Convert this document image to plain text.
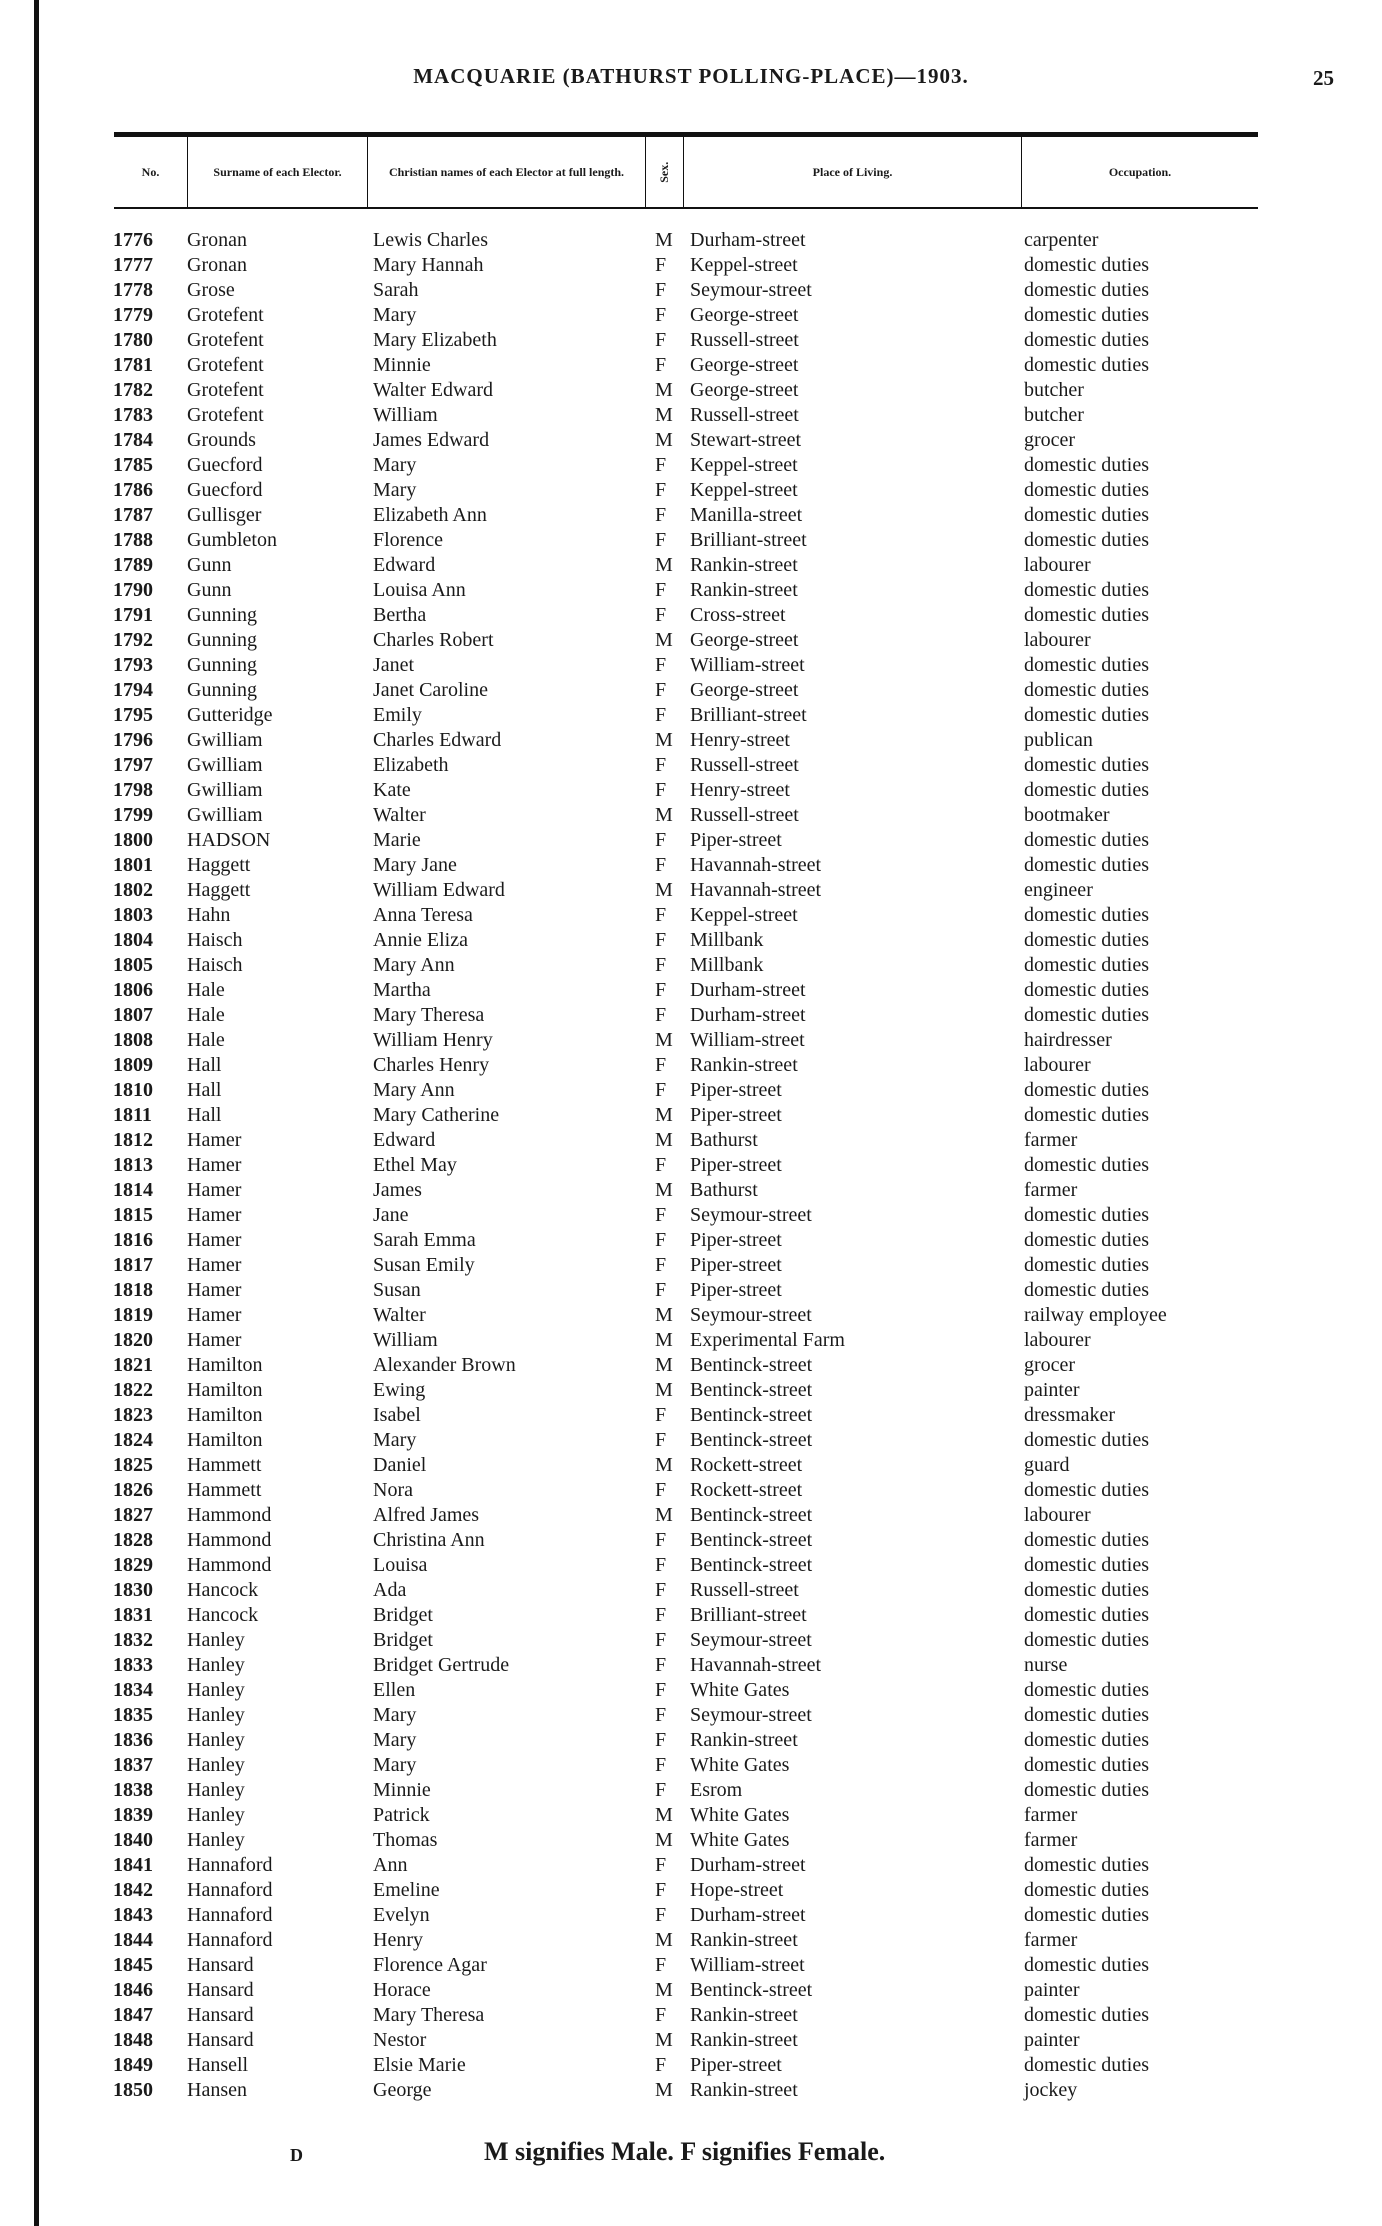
MACQUARIE (BATHURST POLLING-PLACE)—1903.	25
No.	Surname of each Elector.	Christian names of each Elector at full length.	Sex.	Place of Living.	Occupation.
1776	Gronan	Lewis Charles	M Durham-street	carpenter
1777	Gronan	Mary Hannah	F Keppel-street	domestic duties
1778	Grose	Sarah	F Seymour-street	domestic duties
1779	Grotefent	Mary	F George-street	domestic duties
1780	Grotefent	Mary Elizabeth	F Russell-street	domestic duties
1781	Grotefent	Minnie	F George-street	domestic duties
1782	Grotefent	Walter Edward	M George-street	butcher
1783	Grotefent	William	M Russell-street	butcher
1784	Grounds	James Edward	M Stewart-street	grocer
1785	Guecford	Mary	F Keppel-street	domestic duties
1786	Guecford	Mary	F Keppel-street	domestic duties
1787	Gullisger	Elizabeth Ann	F Manilla-street	domestic duties
1788	Gumbleton	Florence	F Brilliant-street	domestic duties
1789	Gunn	Edward	M Rankin-street	labourer
1790	Gunn	Louisa Ann	F Rankin-street	domestic duties
1791	Gunning	Bertha	F Cross-street	domestic duties
1792	Gunning	Charles Robert	M George-street	labourer
1793	Gunning	Janet	F William-street	domestic duties
1794	Gunning	Janet Caroline	F George-street	domestic duties
1795	Gutteridge	Emily	F Brilliant-street	domestic duties
1796	Gwilliam	Charles Edward	M Henry-street	publican
1797	Gwilliam	Elizabeth	F Russell-street	domestic duties
1798	Gwilliam	Kate	F Henry-street	domestic duties
1799	Gwilliam	Walter	M Russell-street	bootmaker
1800	HADSON	Marie	F Piper-street	domestic duties
1801	Haggett	Mary Jane	F Havannah-street	domestic duties
1802	Haggett	William Edward	M Havannah-street	engineer
1803	Hahn	Anna Teresa	F Keppel-street	domestic duties
1804	Haisch	Annie Eliza	F Millbank	domestic duties
1805	Haisch	Mary Ann	F Millbank	domestic duties
1806	Hale	Martha	F Durham-street	domestic duties
1807	Hale	Mary Theresa	F Durham-street	domestic duties
1808	Hale	William Henry	M William-street	hairdresser
1809	Hall	Charles Henry	F Rankin-street	labourer
1810	Hall	Mary Ann	F Piper-street	domestic duties
1811	Hall	Mary Catherine	M Piper-street	domestic duties
1812	Hamer	Edward	M Bathurst	farmer
1813	Hamer	Ethel May	F Piper-street	domestic duties
1814	Hamer	James	M Bathurst	farmer
1815	Hamer	Jane	F Seymour-street	domestic duties
1816	Hamer	Sarah Emma	F Piper-street	domestic duties
1817	Hamer	Susan Emily	F Piper-street	domestic duties
1818	Hamer	Susan	F Piper-street	domestic duties
1819	Hamer	Walter	M Seymour-street	railway employee
1820	Hamer	William	M Experimental Farm	labourer
1821	Hamilton	Alexander Brown	M Bentinck-street	grocer
1822	Hamilton	Ewing	M Bentinck-street	painter
1823	Hamilton	Isabel	F Bentinck-street	dressmaker
1824	Hamilton	Mary	F Bentinck-street	domestic duties
1825	Hammett	Daniel	M Rockett-street	guard
1826	Hammett	Nora	F Rockett-street	domestic duties
1827	Hammond	Alfred James	M Bentinck-street	labourer
1828	Hammond	Christina Ann	F Bentinck-street	domestic duties
1829	Hammond	Louisa	F Bentinck-street	domestic duties
1830	Hancock	Ada	F Russell-street	domestic duties
1831	Hancock	Bridget	F Brilliant-street	domestic duties
1832	Hanley	Bridget	F Seymour-street	domestic duties
1833	Hanley	Bridget Gertrude	F Havannah-street	nurse
1834	Hanley	Ellen	F White Gates	domestic duties
1835	Hanley	Mary	F Seymour-street	domestic duties
1836	Hanley	Mary	F Rankin-street	domestic duties
1837	Hanley	Mary	F White Gates	domestic duties
1838	Hanley	Minnie	F Esrom	domestic duties
1839	Hanley	Patrick	M White Gates	farmer
1840	Hanley	Thomas	M White Gates	farmer
1841	Hannaford	Ann	F Durham-street	domestic duties
1842	Hannaford	Emeline	F Hope-street	domestic duties
1843	Hannaford	Evelyn	F Durham-street	domestic duties
1844	Hannaford	Henry	M Rankin-street	farmer
1845	Hansard	Florence Agar	F William-street	domestic duties
1846	Hansard	Horace	M Bentinck-street	painter
1847	Hansard	Mary Theresa	F Rankin-street	domestic duties
1848	Hansard	Nestor	M Rankin-street	painter
1849	Hansell	Elsie Marie	F Piper-street	domestic duties
1850	Hansen	George	M Rankin-street	jockey
D	M signifies Male. F signifies Female.
